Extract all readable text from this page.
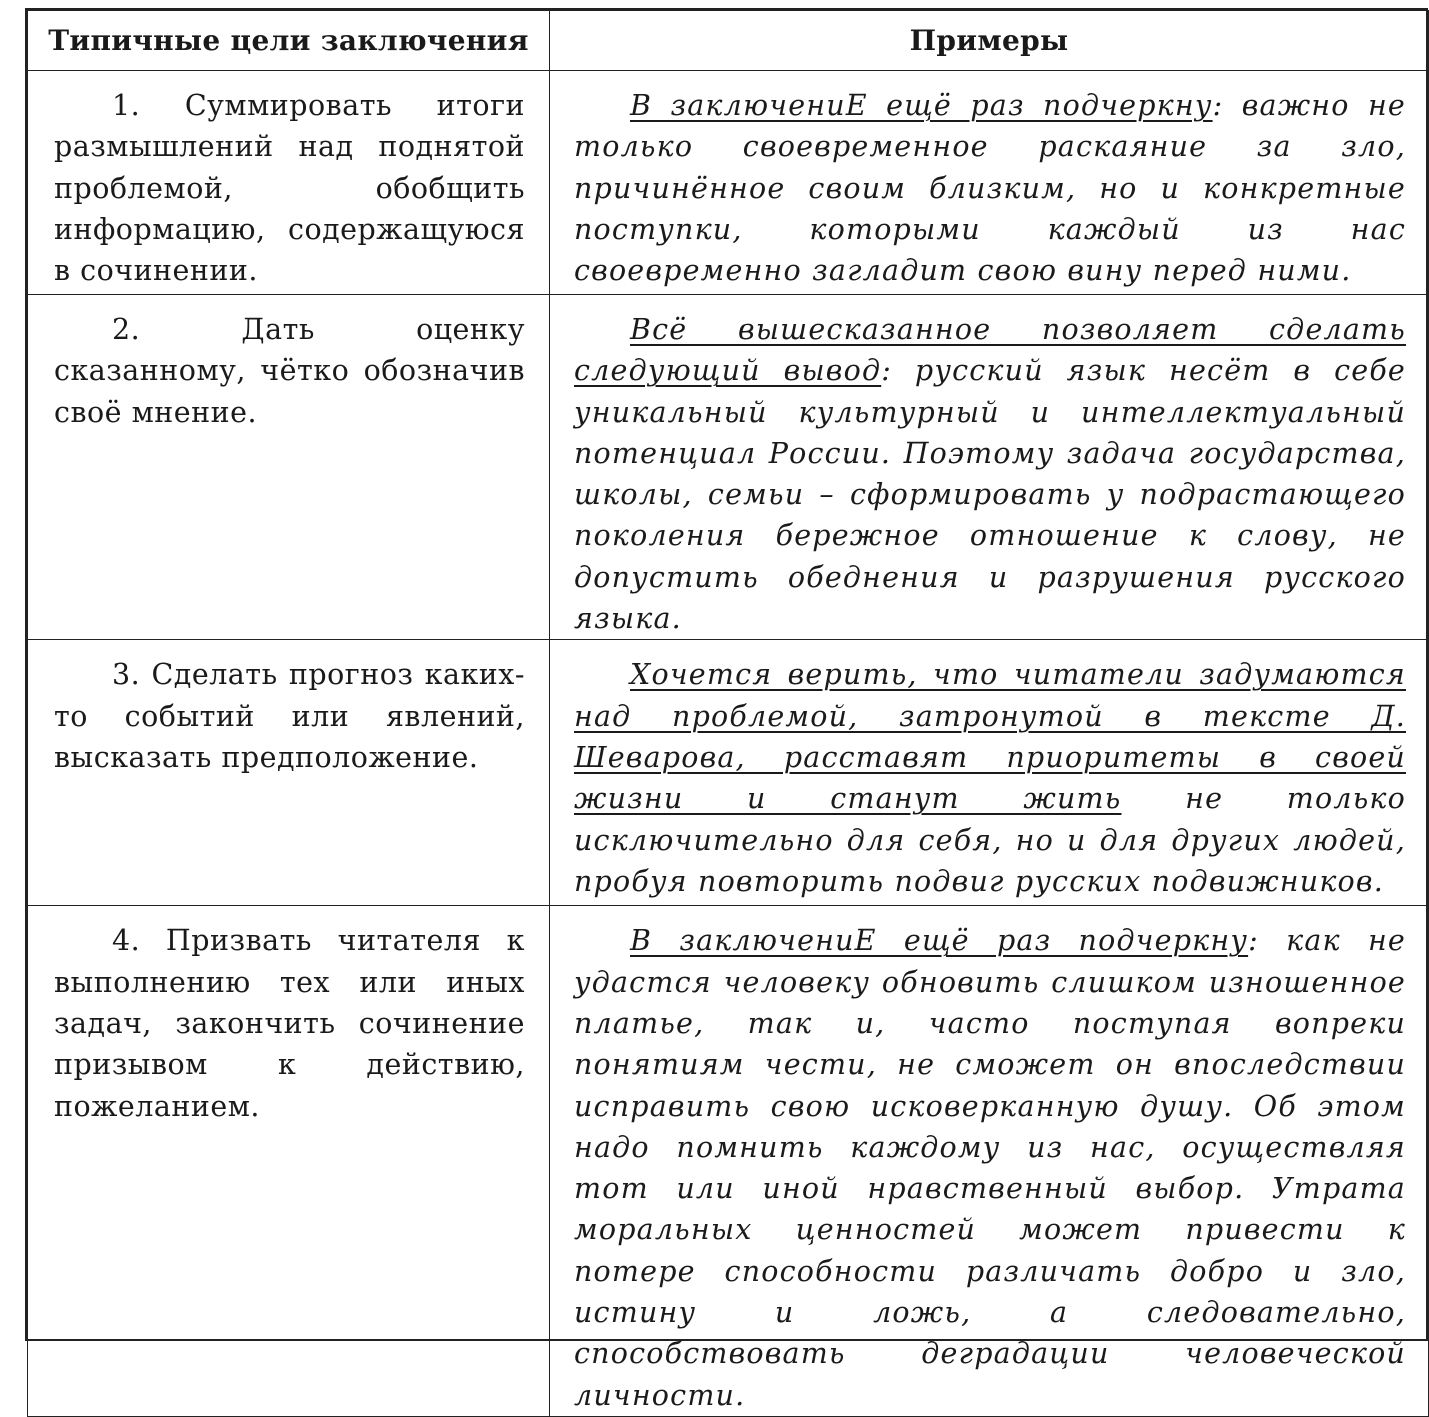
Типичные цели заключения	Примеры

1. Суммировать итоги размышлений над поднятой проблемой, обобщить информацию, содержащуюся в сочинении.	В заключениЕ ещё раз подчеркну: важно не только своевременное раскаяние за зло, причинённое своим близким, но и конкретные поступки, которыми каждый из нас своевременно загладит свою вину перед ними.

2. Дать оценку сказанному, чётко обозначив своё мнение.	Всё вышесказанное позволяет сделать следующий вывод: русский язык несёт в себе уникальный культурный и интеллектуальный потенциал России. Поэтому задача государства, школы, семьи – сформировать у подрастающего поколения бережное отношение к слову, не допустить обеднения и разрушения русского языка.

3. Сделать прогноз каких-то событий или явлений, высказать предположение.	Хочется верить, что читатели задумаются над проблемой, затронутой в тексте Д. Шеварова, расставят приоритеты в своей жизни и станут жить не только исключительно для себя, но и для других людей, пробуя повторить подвиг русских подвижников.

4. Призвать читателя к выполнению тех или иных задач, закончить сочинение призывом к действию, пожеланием.	В заключениЕ ещё раз подчеркну: как не удастся человеку обновить слишком изношенное платье, так и, часто поступая вопреки понятиям чести, не сможет он впоследствии исправить свою исковерканную душу. Об этом надо помнить каждому из нас, осуществляя тот или иной нравственный выбор. Утрата моральных ценностей может привести к потере способности различать добро и зло, истину и ложь, а следовательно, способствовать деградации человеческой личности.
